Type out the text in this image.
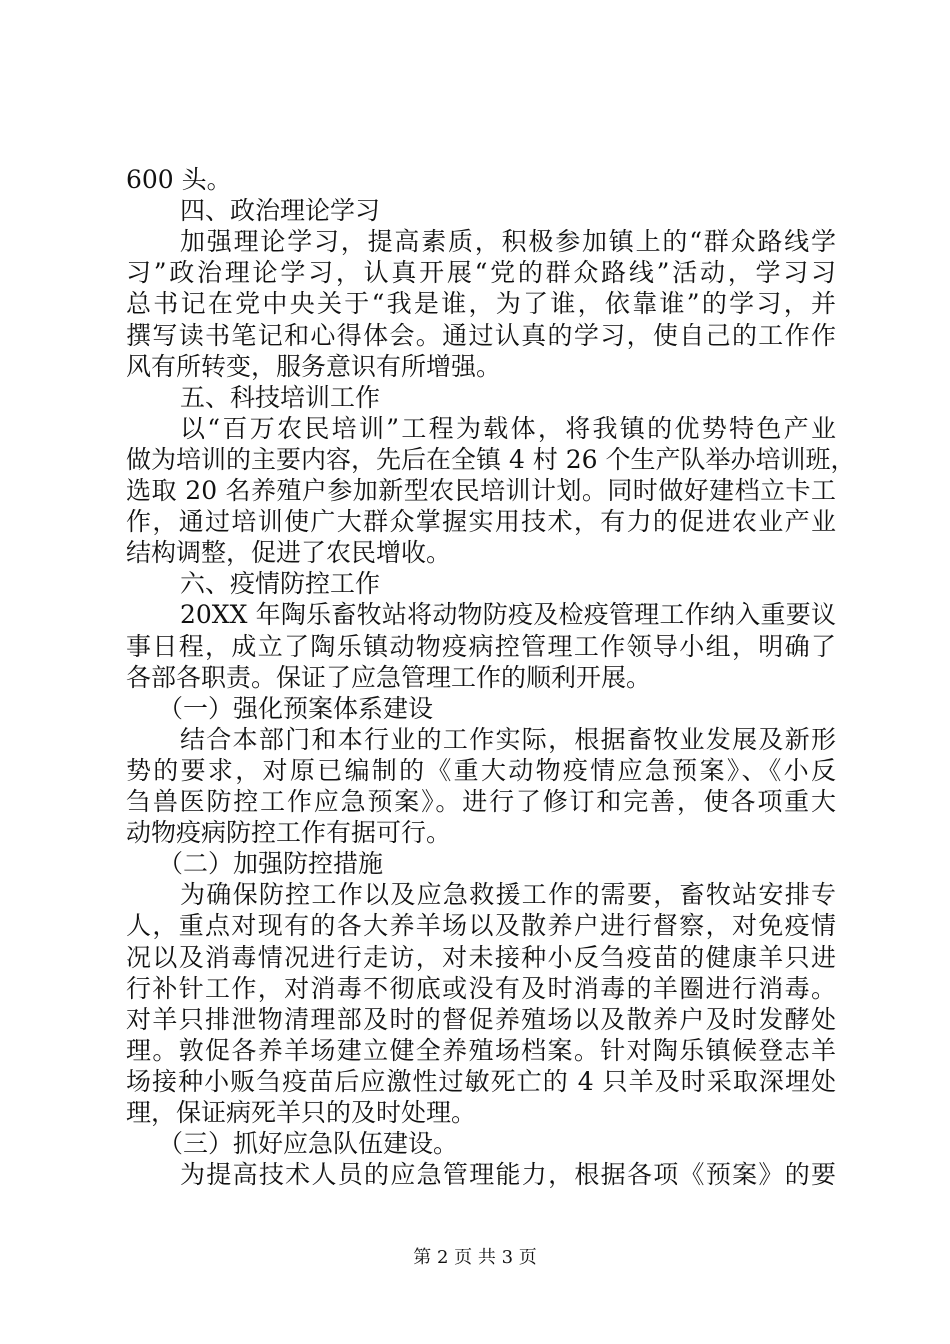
600 头。
四、政治理论学习
加强理论学习，提高素质，积极参加镇上的“群众路线学
习”政治理论学习，认真开展“党的群众路线”活动，学习习
总书记在党中央关于“我是谁，为了谁，依靠谁”的学习，并
撰写读书笔记和心得体会。通过认真的学习，使自己的工作作
风有所转变，服务意识有所增强。
五、科技培训工作
以“百万农民培训”工程为载体，将我镇的优势特色产业
做为培训的主要内容，先后在全镇 4 村 26 个生产队举办培训班，
选取 20 名养殖户参加新型农民培训计划。同时做好建档立卡工
作，通过培训使广大群众掌握实用技术，有力的促进农业产业
结构调整，促进了农民增收。
六、疫情防控工作
20XX 年陶乐畜牧站将动物防疫及检疫管理工作纳入重要议
事日程，成立了陶乐镇动物疫病控管理工作领导小组，明确了
各部各职责。保证了应急管理工作的顺利开展。
（一）强化预案体系建设
结合本部门和本行业的工作实际，根据畜牧业发展及新形
势的要求，对原已编制的《重大动物疫情应急预案》、《小反
刍兽医防控工作应急预案》。进行了修订和完善，使各项重大
动物疫病防控工作有据可行。
（二）加强防控措施
为确保防控工作以及应急救援工作的需要，畜牧站安排专
人，重点对现有的各大养羊场以及散养户进行督察，对免疫情
况以及消毒情况进行走访，对未接种小反刍疫苗的健康羊只进
行补针工作，对消毒不彻底或没有及时消毒的羊圈进行消毒。
对羊只排泄物清理部及时的督促养殖场以及散养户及时发酵处
理。敦促各养羊场建立健全养殖场档案。针对陶乐镇候登志羊
场接种小贩刍疫苗后应激性过敏死亡的 4 只羊及时采取深埋处
理，保证病死羊只的及时处理。
（三）抓好应急队伍建设。
为提高技术人员的应急管理能力，根据各项《预案》的要
第 2 页 共 3 页
